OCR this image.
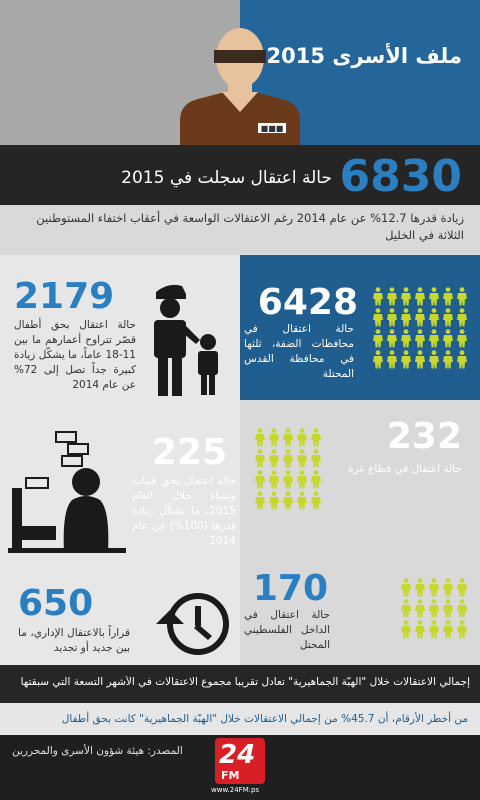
■■■
ملف الأسرى 2015
6830
حالة اعتقال سجلت في 2015
زيادة قدرها 12.7% عن عام 2014 رغم الاعتقالات الواسعة في أعقاب اختفاء المستوطنين الثلاثة في الخليل
6428
حالة اعتقال في محافظات الضفة، ثلثها في محافظة القدس المحتلة
2179
حالة اعتقال بحق أطفال قصّر تتراوح أعمارهم ما بين 11-18 عاماً، ما يشكّل زيادة كبيرة جداً تصل إلى 72% عن عام 2014
232
حالة اعتقال في قطاع غزة
225
حالة اعتقال بحق فتيات ونساء خلال العام 2015، ما يشكّل زيادة قدرها (100%) عن عام 2014
170
حالة اعتقال في الداخل الفلسطيني المحتل
650
قراراً بالاعتقال الإداري، ما بين جديد أو تجديد
إجمالي الاعتقالات خلال "الهبّة الجماهيرية" تعادل تقريباً مجموع الاعتقالات في الأشهر التسعة التي سبقتها
من أخطر الأرقام، أن 45.7% من إجمالي الاعتقالات خلال "الهبّة الجماهيرية" كانت بحق أطفال
المصدر: هيئة شؤون الأسرى والمحررين 24
FM
www.24FM.ps
